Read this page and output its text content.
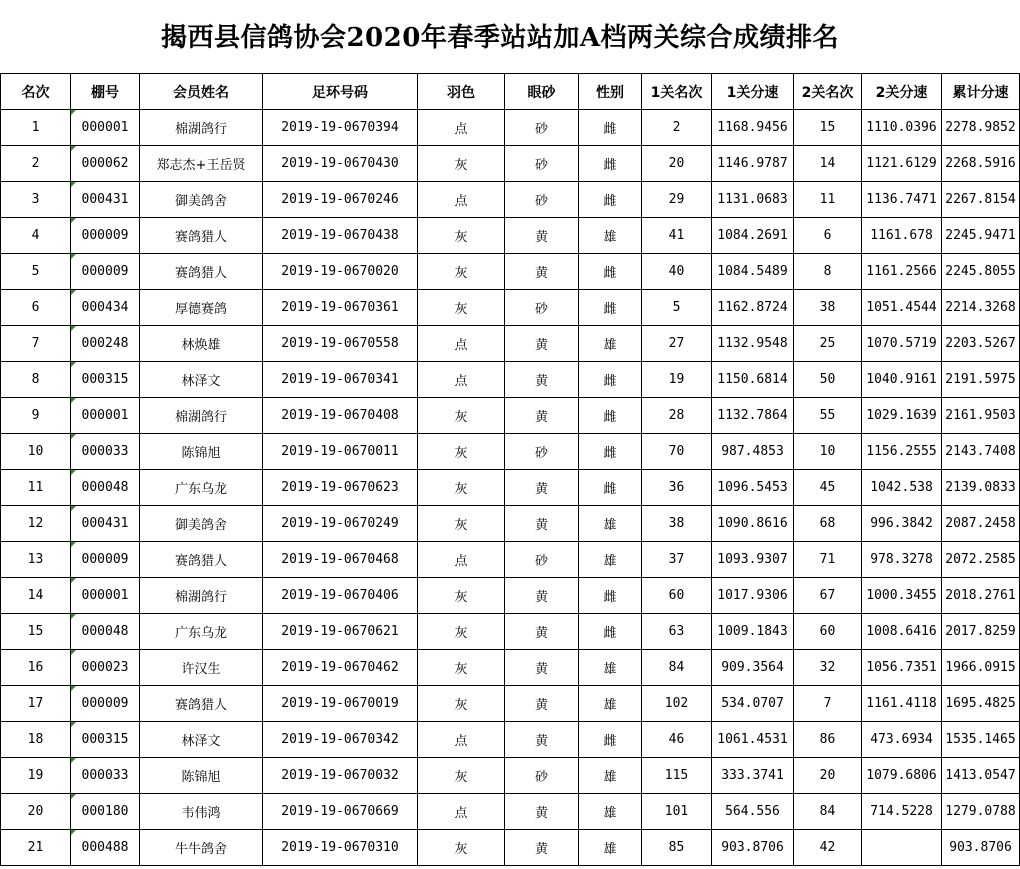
揭西县信鸽协会2020年春季站站加A档两关综合成绩排名
名次	棚号	会员姓名	足环号码	羽色	眼砂	性别	1关名次	1关分速	2关名次	2关分速	累计分速
1	000001	棉湖鸽行	2019-19-0670394	点	砂	雌	2	1168.9456	15	1110.0396	2278.9852
2	000062	郑志杰+王岳贤	2019-19-0670430	灰	砂	雌	20	1146.9787	14	1121.6129	2268.5916
3	000431	御美鸽舍	2019-19-0670246	点	砂	雌	29	1131.0683	11	1136.7471	2267.8154
4	000009	赛鸽猎人	2019-19-0670438	灰	黄	雄	41	1084.2691	6	1161.678	2245.9471
5	000009	赛鸽猎人	2019-19-0670020	灰	黄	雌	40	1084.5489	8	1161.2566	2245.8055
6	000434	厚德赛鸽	2019-19-0670361	灰	砂	雌	5	1162.8724	38	1051.4544	2214.3268
7	000248	林焕雄	2019-19-0670558	点	黄	雄	27	1132.9548	25	1070.5719	2203.5267
8	000315	林泽文	2019-19-0670341	点	黄	雌	19	1150.6814	50	1040.9161	2191.5975
9	000001	棉湖鸽行	2019-19-0670408	灰	黄	雌	28	1132.7864	55	1029.1639	2161.9503
10	000033	陈锦旭	2019-19-0670011	灰	砂	雌	70	987.4853	10	1156.2555	2143.7408
11	000048	广东乌龙	2019-19-0670623	灰	黄	雌	36	1096.5453	45	1042.538	2139.0833
12	000431	御美鸽舍	2019-19-0670249	灰	黄	雄	38	1090.8616	68	996.3842	2087.2458
13	000009	赛鸽猎人	2019-19-0670468	点	砂	雄	37	1093.9307	71	978.3278	2072.2585
14	000001	棉湖鸽行	2019-19-0670406	灰	黄	雌	60	1017.9306	67	1000.3455	2018.2761
15	000048	广东乌龙	2019-19-0670621	灰	黄	雌	63	1009.1843	60	1008.6416	2017.8259
16	000023	许汉生	2019-19-0670462	灰	黄	雄	84	909.3564	32	1056.7351	1966.0915
17	000009	赛鸽猎人	2019-19-0670019	灰	黄	雄	102	534.0707	7	1161.4118	1695.4825
18	000315	林泽文	2019-19-0670342	点	黄	雌	46	1061.4531	86	473.6934	1535.1465
19	000033	陈锦旭	2019-19-0670032	灰	砂	雄	115	333.3741	20	1079.6806	1413.0547
20	000180	韦伟鸿	2019-19-0670669	点	黄	雄	101	564.556	84	714.5228	1279.0788
21	000488	牛牛鸽舍	2019-19-0670310	灰	黄	雄	85	903.8706	42		903.8706
